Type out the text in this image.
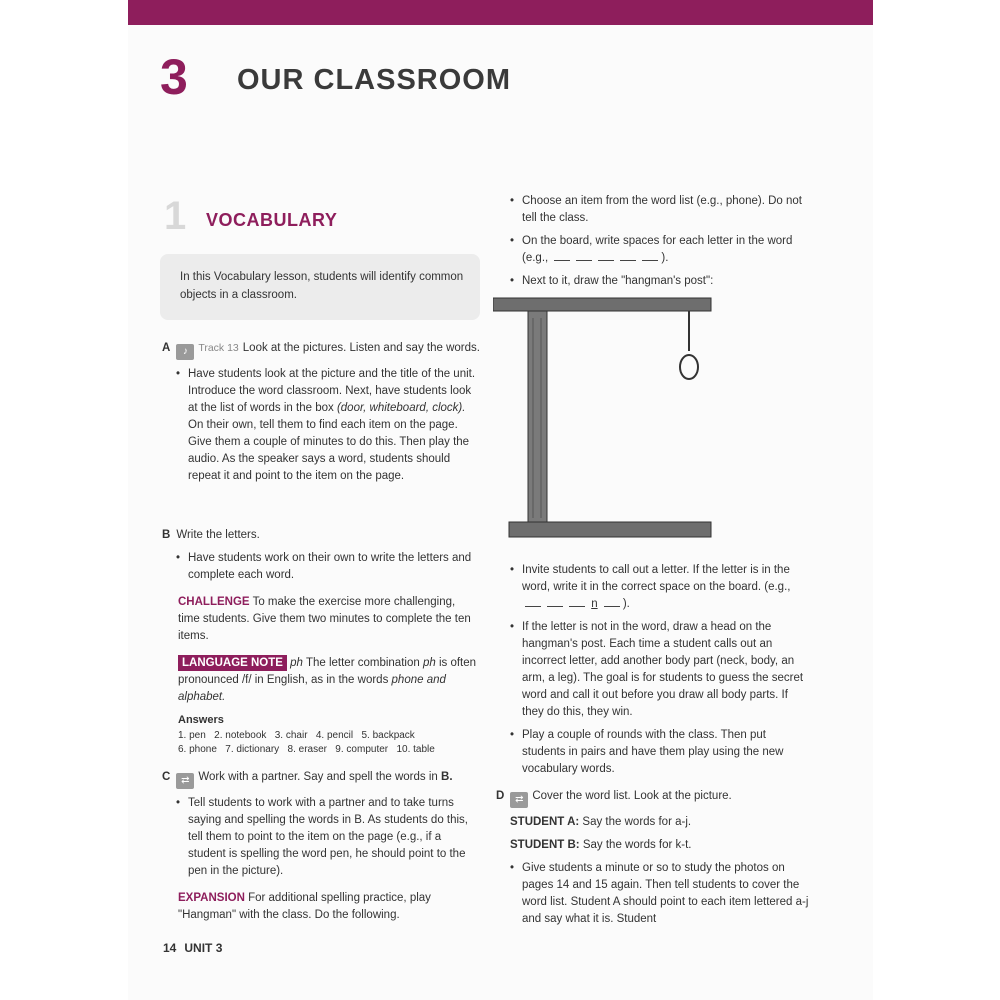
3 OUR CLASSROOM
1 VOCABULARY

In this Vocabulary lesson, students will identify common objects in a classroom.

A ♪ Track 13 Look at the pictures. Listen and say the words.

• Have students look at the picture and the title of the unit. Introduce the word classroom. Next, have students look at the list of words in the box (door, whiteboard, clock). On their own, tell them to find each item on the page. Give them a couple of minutes to do this. Then play the audio. As the speaker says a word, students should repeat it and point to the item on the page.

B Write the letters.

• Have students work on their own to write the letters and complete each word.

CHALLENGE To make the exercise more challenging, time students. Give them two minutes to complete the ten items.

LANGUAGE NOTE ph The letter combination ph is often pronounced /f/ in English, as in the words phone and alphabet.

Answers

1. pen   2. notebook   3. chair   4. pencil   5. backpack

6. phone   7. dictionary   8. eraser   9. computer   10. table

C ⇄ Work with a partner. Say and spell the words in B.

• Tell students to work with a partner and to take turns saying and spelling the words in B. As students do this, tell them to point to the item on the page (e.g., if a student is spelling the word pen, he should point to the pen in the picture).

EXPANSION For additional spelling practice, play "Hangman" with the class. Do the following.

• Choose an item from the word list (e.g., phone). Do not tell the class.

• On the board, write spaces for each letter in the word (e.g.,	).

• Next to it, draw the "hangman's post":

• Invite students to call out a letter. If the letter is in the word, write it in the correct space on the board. (e.g.,  n ).

• If the letter is not in the word, draw a head on the hangman's post. Each time a student calls out an incorrect letter, add another body part (neck, body, an arm, a leg). The goal is for students to guess the secret word and call it out before you draw all body parts. If they do this, they win.

• Play a couple of rounds with the class. Then put students in pairs and have them play using the new vocabulary words.

D ⇄ Cover the word list. Look at the picture.

STUDENT A: Say the words for a-j.

STUDENT B: Say the words for k-t.

• Give students a minute or so to study the photos on pages 14 and 15 again. Then tell students to cover the word list. Student A should point to each item lettered a-j and say what it is. Student

14 UNIT 3
